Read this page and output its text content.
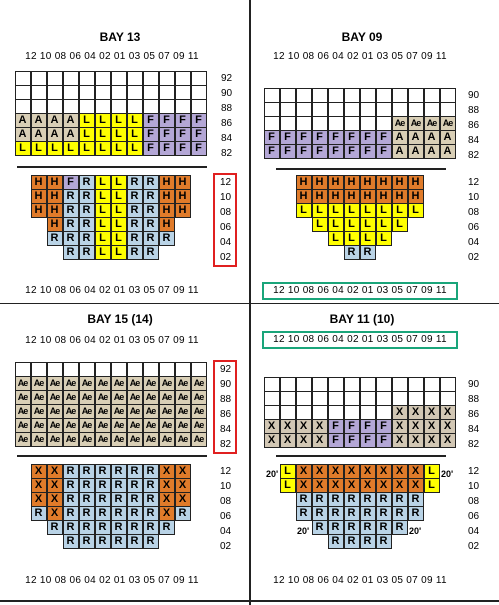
BAY 13
12 10 08 06 04 02 01 03 05 07 09 11
A A A A L L L L F F F F
A A A A L L L L F F F F
L L L L L L L L F F F F
92
90
88
86
84
82
H H F R L L R R H H
H H R R L L R R H H
H H R R L L R R H H
H R R L L R R H
R R R L L R R R
R R L L R R
12
10
08
06
04
02
12 10 08 06 04 02 01 03 05 07 09 11
BAY 09
12 10 08 06 04 02 01 03 05 07 09 11
Ae Ae Ae Ae
F F F F F F F F A A A A
F F F F F F F F A A A A
90
88
86
84
82
H H H H H H H H
H H H H H H H H
L L L L L L L L
L L L L L L
L L L L
R R
12
10
08
06
04
02
12 10 08 06 04 02 01 03 05 07 09 11
BAY 15 (14)
12 10 08 06 04 02 01 03 05 07 09 11
Ae Ae Ae Ae Ae Ae Ae Ae Ae Ae Ae Ae
Ae Ae Ae Ae Ae Ae Ae Ae Ae Ae Ae Ae
Ae Ae Ae Ae Ae Ae Ae Ae Ae Ae Ae Ae
Ae Ae Ae Ae Ae Ae Ae Ae Ae Ae Ae Ae
Ae Ae Ae Ae Ae Ae Ae Ae Ae Ae Ae Ae
92
90
88
86
84
82
X X R R R R R R X X
X X R R R R R R X X
X X R R R R R R X X
R X R R R R R R X R
R R R R R R R R
R R R R R R
12
10
08
06
04
02
12 10 08 06 04 02 01 03 05 07 09 11
BAY 11 (10)
12 10 08 06 04 02 01 03 05 07 09 11
X X X X
X X X X F F F F X X X X
X X X X F F F F X X X X
90
88
86
84
82
L X X X X X X X X L
L X X X X X X X X L
R R R R R R R R
R R R R R R R R
R R R R R R
R R R R
12
10
08
06
04
02
20'	20'
20'	20'
12 10 08 06 04 02 01 03 05 07 09 11
